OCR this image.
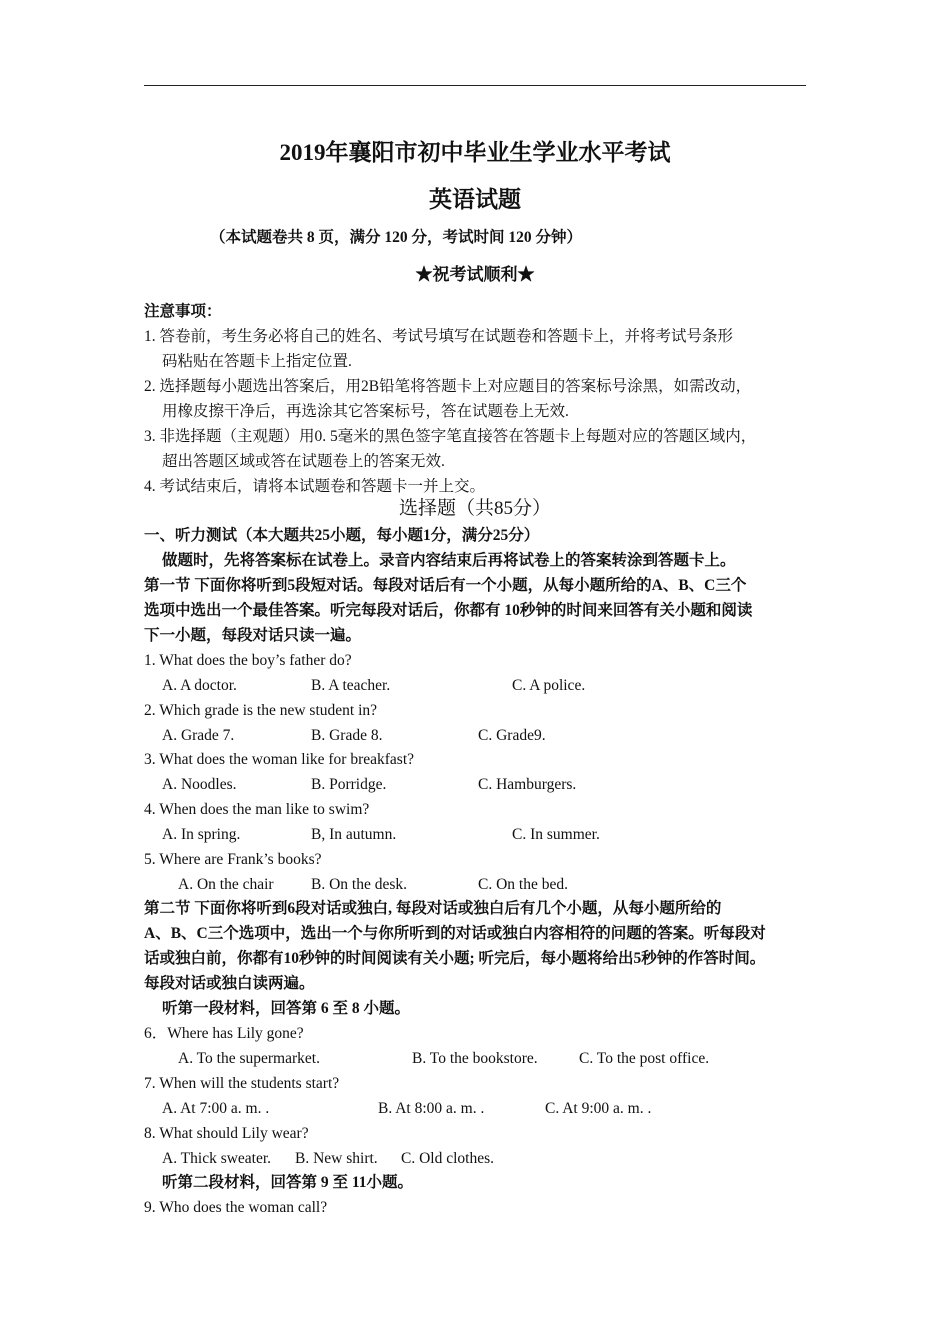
2019年襄阳市初中毕业生学业水平考试
英语试题
（本试题卷共 8 页，满分 120 分，考试时间 120 分钟）
★祝考试顺利★
注意事项：
1. 答卷前，考生务必将自己的姓名、考试号填写在试题卷和答题卡上，并将考试号条形
码粘贴在答题卡上指定位置.
2. 选择题每小题选出答案后，用2B铅笔将答题卡上对应题目的答案标号涂黑，如需改动，
用橡皮擦干净后，再选涂其它答案标号，答在试题卷上无效.
3. 非选择题（主观题）用0. 5毫米的黑色签字笔直接答在答题卡上每题对应的答题区域内，
超出答题区域或答在试题卷上的答案无效.
4. 考试结束后，请将本试题卷和答题卡一并上交。
选择题（共85分）
一、听力测试（本大题共25小题，每小题1分，满分25分）
做题时，先将答案标在试卷上。录音内容结束后再将试卷上的答案转涂到答题卡上。
第一节 下面你将听到5段短对话。每段对话后有一个小题，从每小题所给的A、B、C三个
选项中选出一个最佳答案。听完每段对话后，你都有 10秒钟的时间来回答有关小题和阅读
下一小题，每段对话只读一遍。
1. What does the boy’s father do?
A. A doctor.	B. A teacher.	C. A police.
2. Which grade is the new student in?
A. Grade 7.	B. Grade 8.	C. Grade9.
3. What does the woman like for breakfast?
A. Noodles.	B. Porridge.	C. Hamburgers.
4. When does the man like to swim?
A. In spring.	B, In autumn.	C. In summer.
5. Where are Frank’s books?
A. On the chair B. On the desk.	C. On the bed.
第二节 下面你将听到6段对话或独白, 每段对话或独白后有几个小题，从每小题所给的
A、B、C三个选项中，选出一个与你所听到的对话或独白内容相符的问题的答案。听每段对
话或独白前，你都有10秒钟的时间阅读有关小题; 听完后，每小题将给出5秒钟的作答时间。
每段对话或独白读两遍。
听第一段材料，回答第 6 至 8 小题。
6．Where has Lily gone?
A. To the supermarket.	B. To the bookstore.	C. To the post office.
7. When will the students start?
A. At 7:00 a. m. .	B. At 8:00 a. m. .	C. At 9:00 a. m. .
8. What should Lily wear?
A. Thick sweater. B. New shirt. C. Old clothes.
听第二段材料，回答第 9 至 11小题。
9. Who does the woman call?
